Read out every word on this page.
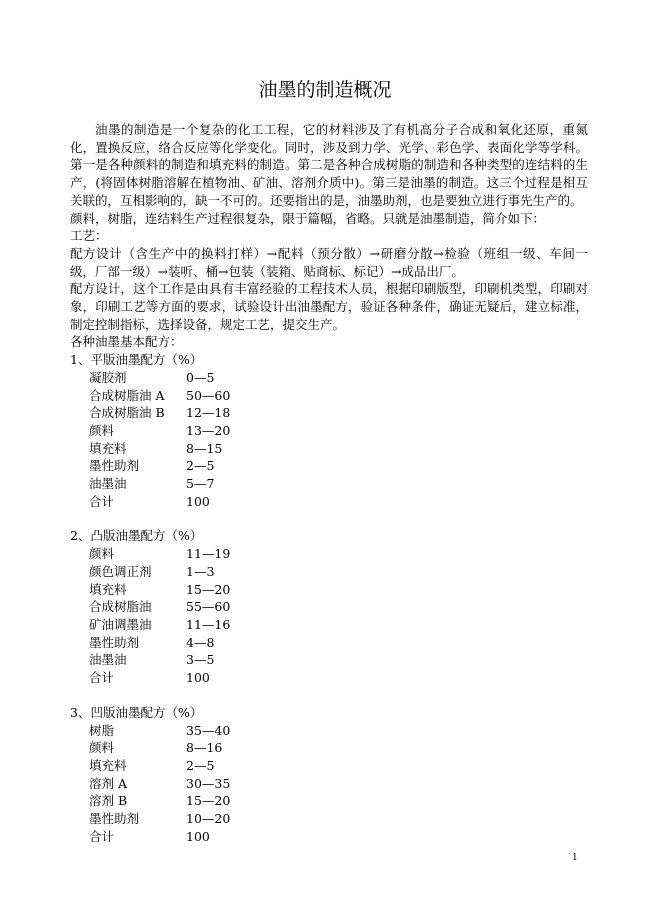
油墨的制造概况

油墨的制造是一个复杂的化工工程，它的材料涉及了有机高分子合成和氧化还原，重氮化，置换反应，络合反应等化学变化。同时，涉及到力学、光学、彩色学、表面化学等学科。第一是各种颜料的制造和填充料的制造。第二是各种合成树脂的制造和各种类型的连结料的生产，(将固体树脂溶解在植物油、矿油、溶剂介质中)。第三是油墨的制造。这三个过程是相互关联的，互相影响的，缺一不可的。还要指出的是，油墨助剂，也是要独立进行事先生产的。

颜料，树脂，连结料生产过程很复杂，限于篇幅，省略。只就是油墨制造，简介如下：

工艺：

配方设计（含生产中的换料打样）→配料（预分散）→研磨分散→检验（班组一级、车间一级，厂部一级）→装听、桶→包装（装箱、贴商标、标记）→成品出厂。

配方设计，这个工作是由具有丰富经验的工程技术人员，根据印刷版型，印刷机类型，印刷对象，印刷工艺等方面的要求，试验设计出油墨配方，验证各种条件，确证无疑后，建立标准，制定控制指标，选择设备，规定工艺，提交生产。

各种油墨基本配方：

1、平版油墨配方（%）

凝胶剂	0—5
合成树脂油 A	50—60
合成树脂油 B	12—18
颜料	13—20
填充料	8—15
墨性助剂	2—5
油墨油	5—7
合计	100

2、凸版油墨配方（%）

颜料	11—19
颜色调正剂	1—3
填充料	15—20
合成树脂油	55—60
矿油调墨油	11—16
墨性助剂	4—8
油墨油	3—5
合计	100

3、凹版油墨配方（%）

树脂	35—40
颜料	8—16
填充料	2—5
溶剂 A	30—35
溶剂 B	15—20
墨性助剂	10—20
合计	100
1
